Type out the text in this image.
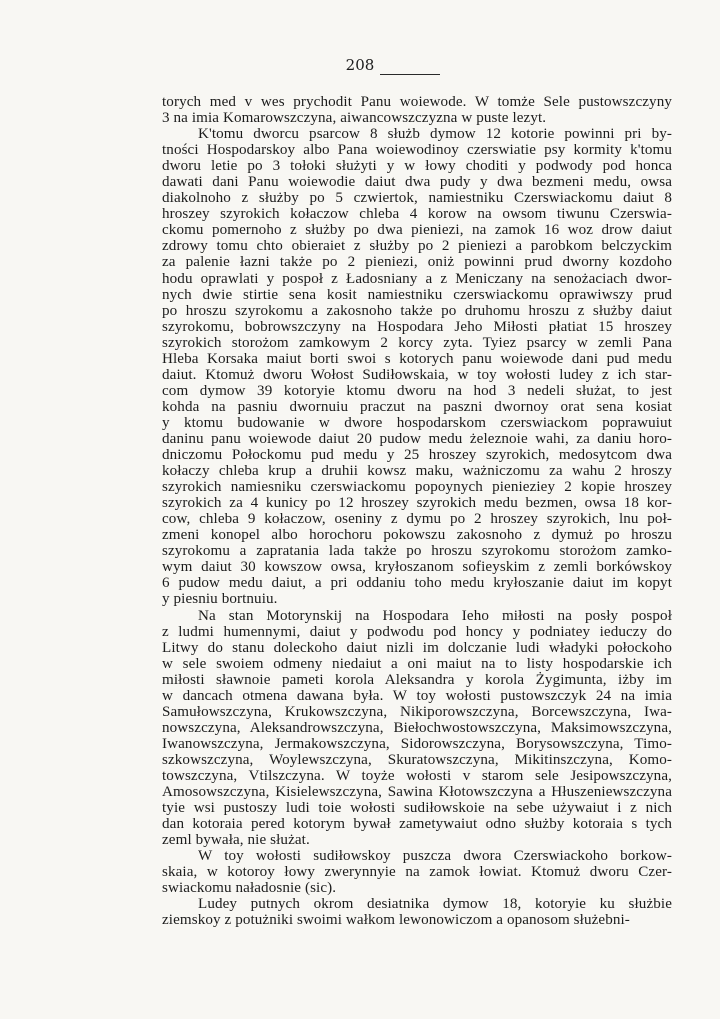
208
torych med v wes prychodit Panu woiewode. W tomże Sele pustowszczyny
3 na imia Komarowszczyna, aiwancowszczyzna w puste lezyt.
K'tomu dworcu psarcow 8 służb dymow 12 kotorie powinni pri by-
tności Hospodarskoy albo Pana woiewodinoy czerswiatie psy kormity k'tomu
dworu letie po 3 tołoki służyti y w łowy choditi y podwody pod honca
dawati dani Panu woiewodie daiut dwa pudy y dwa bezmeni medu, owsa
diakolnoho z służby po 5 czwiertok, namiestniku Czerswiackomu daiut 8
hroszey szyrokich kołaczow chleba 4 korow na owsom tiwunu Czerswia-
ckomu pomernoho z służby po dwa pieniezi, na zamok 16 woz drow daiut
zdrowy tomu chto obieraiet z służby po 2 pieniezi a parobkom belczyckim
za palenie łazni także po 2 pieniezi, oniż powinni prud dworny kozdoho
hodu oprawlati y pospoł z Ładosniany a z Meniczany na senożaciach dwor-
nych dwie stirtie sena kosit namiestniku czerswiackomu oprawiwszy prud
po hroszu szyrokomu a zakosnoho także po druhomu hroszu z służby daiut
szyrokomu, bobrowszczyny na Hospodara Jeho Miłosti płatiat 15 hroszey
szyrokich storożom zamkowym 2 korcy zyta. Tyiez psarcy w zemli Pana
Hleba Korsaka maiut borti swoi s kotorych panu woiewode dani pud medu
daiut. Ktomuż dworu Wołost Sudiłowskaia, w toy wołosti ludey z ich star-
com dymow 39 kotoryie ktomu dworu na hod 3 nedeli służat, to jest
kohda na pasniu dwornuiu praczut na paszni dwornoy orat sena kosiat
y ktomu budowanie w dwore hospodarskom czerswiackom poprawuiut
daninu panu woiewode daiut 20 pudow medu żeleznoie wahi, za daniu horo-
dniczomu Połockomu pud medu y 25 hroszey szyrokich, medosytcom dwa
kołaczy chleba krup a druhii kowsz maku, ważniczomu za wahu 2 hroszy
szyrokich namiesniku czerswiackomu popoynych pienieziey 2 kopie hroszey
szyrokich za 4 kunicy po 12 hroszey szyrokich medu bezmen, owsa 18 kor-
cow, chleba 9 kołaczow, oseniny z dymu po 2 hroszey szyrokich, lnu poł-
zmeni konopel albo horochoru pokowszu zakosnoho z dymuż po hroszu
szyrokomu a zapratania lada także po hroszu szyrokomu storożom zamko-
wym daiut 30 kowszow owsa, kryłoszanom sofieyskim z zemli borkówskoy
6 pudow medu daiut, a pri oddaniu toho medu kryłoszanie daiut im kopyt
y piesniu bortnuiu.
Na stan Motorynskij na Hospodara Ieho miłosti na posły pospoł
z ludmi humennymi, daiut y podwodu pod honcy y podniatey ieduczy do
Litwy do stanu doleckoho daiut nizli im dolczanie ludi władyki połockoho
w sele swoiem odmeny niedaiut a oni maiut na to listy hospodarskie ich
miłosti sławnoie pameti korola Aleksandra y korola Żygimunta, iżby im
w dancach otmena dawana była. W toy wołosti pustowszczyk 24 na imia
Samułowszczyna, Krukowszczyna, Nikiporowszczyna, Borcewszczyna, Iwa-
nowszczyna, Aleksandrowszczyna, Biełochwostowszczyna, Maksimowszczyna,
Iwanowszczyna, Jermakowszczyna, Sidorowszczyna, Borysowszczyna, Timo-
szkowszczyna, Woylewszczyna, Skuratowszczyna, Mikitinszczyna, Komo-
towszczyna, Vtilszczyna. W toyże wołosti v starom sele Jesipowszczyna,
Amosowszczyna, Kisielewszczyna, Sawina Kłotowszczyna a Hłuszeniewszczyna
tyie wsi pustoszy ludi toie wołosti sudiłowskoie na sebe używaiut i z nich
dan kotoraia pered kotorym bywał zametywaiut odno służby kotoraia s tych
zeml bywała, nie służat.
W toy wołosti sudiłowskoy puszcza dwora Czerswiackoho borkow-
skaia, w kotoroy łowy zwerynnyie na zamok łowiat. Ktomuż dworu Czer-
swiackomu naładosnie (sic).
Ludey putnych okrom desiatnika dymow 18, kotoryie ku służbie
ziemskoy z potużniki swoimi wałkom lewonowiczom a opanosom służebni-
